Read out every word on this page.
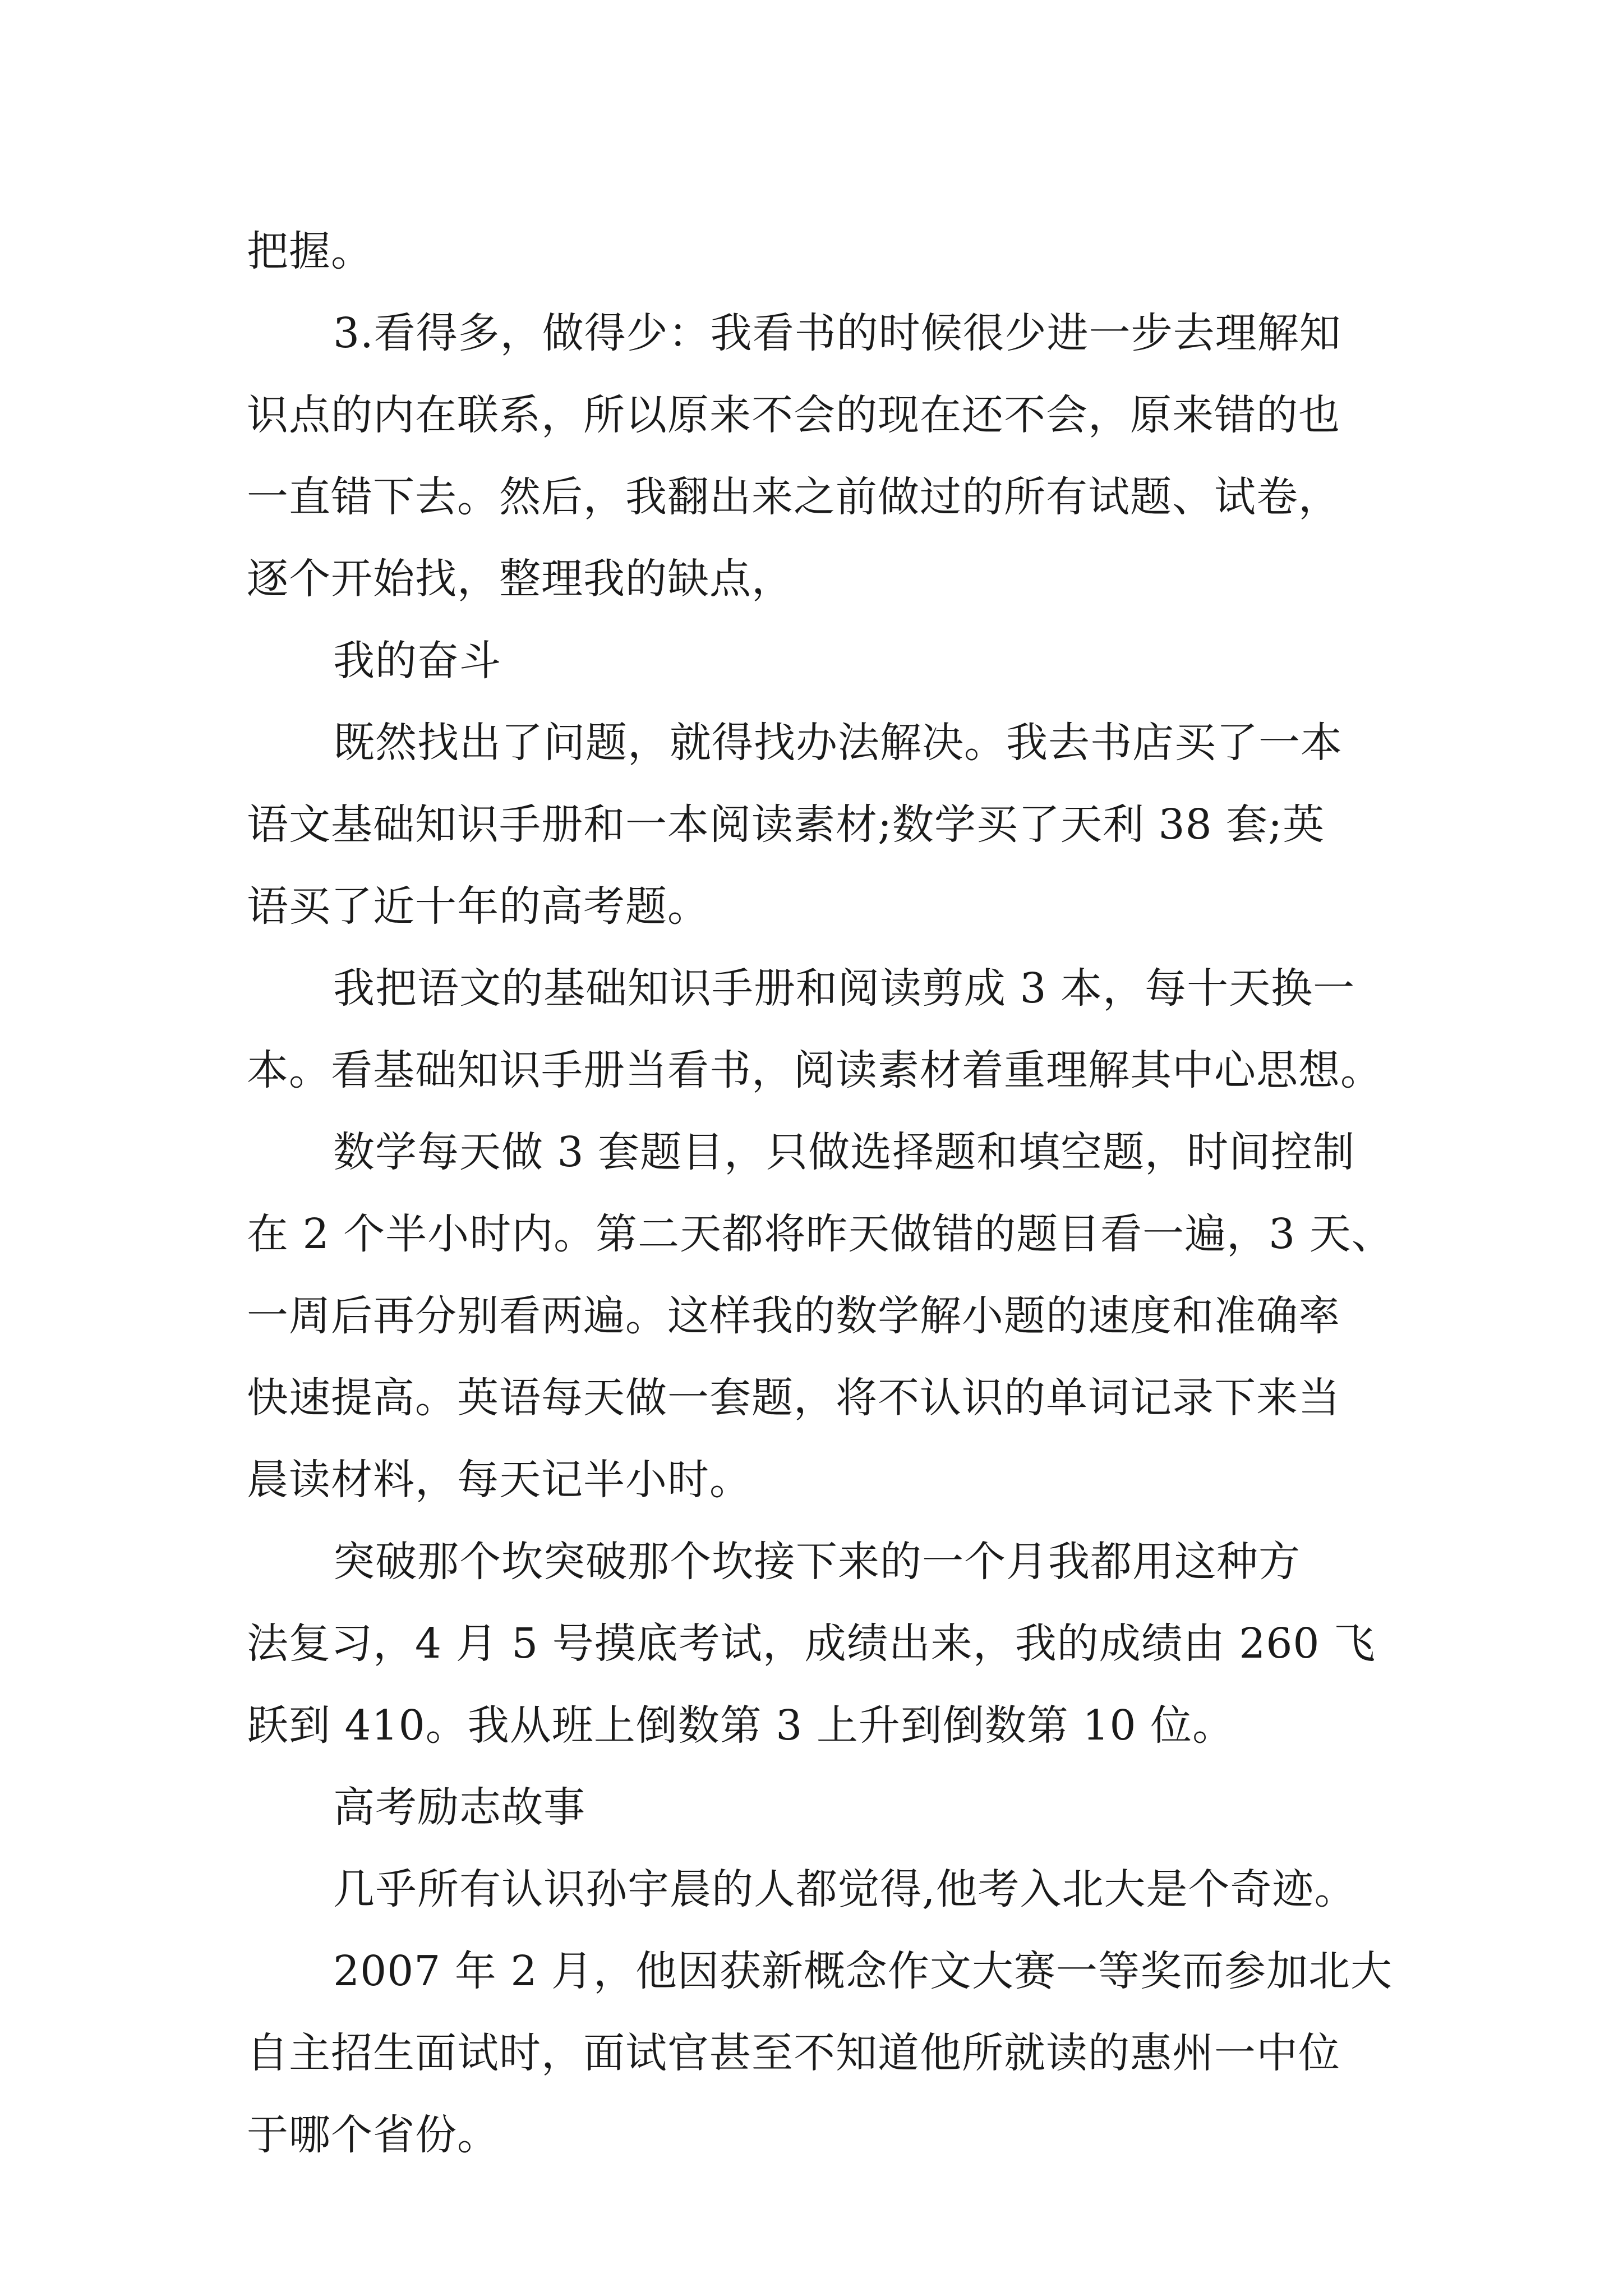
把握。
3.看得多，做得少：我看书的时候很少进一步去理解知
识点的内在联系，所以原来不会的现在还不会，原来错的也
一直错下去。然后，我翻出来之前做过的所有试题、试卷，
逐个开始找，整理我的缺点，
我的奋斗
既然找出了问题，就得找办法解决。我去书店买了一本
语文基础知识手册和一本阅读素材;数学买了天利 38 套;英
语买了近十年的高考题。
我把语文的基础知识手册和阅读剪成 3 本，每十天换一
本。看基础知识手册当看书，阅读素材着重理解其中心思想。
数学每天做 3 套题目，只做选择题和填空题，时间控制
在 2 个半小时内。第二天都将昨天做错的题目看一遍，3 天、
一周后再分别看两遍。这样我的数学解小题的速度和准确率
快速提高。英语每天做一套题，将不认识的单词记录下来当
晨读材料，每天记半小时。
突破那个坎突破那个坎接下来的一个月我都用这种方
法复习，4 月 5 号摸底考试，成绩出来，我的成绩由 260 飞
跃到 410。我从班上倒数第 3 上升到倒数第 10 位。
高考励志故事
几乎所有认识孙宇晨的人都觉得,他考入北大是个奇迹。
2007 年 2 月，他因获新概念作文大赛一等奖而参加北大
自主招生面试时，面试官甚至不知道他所就读的惠州一中位
于哪个省份。
